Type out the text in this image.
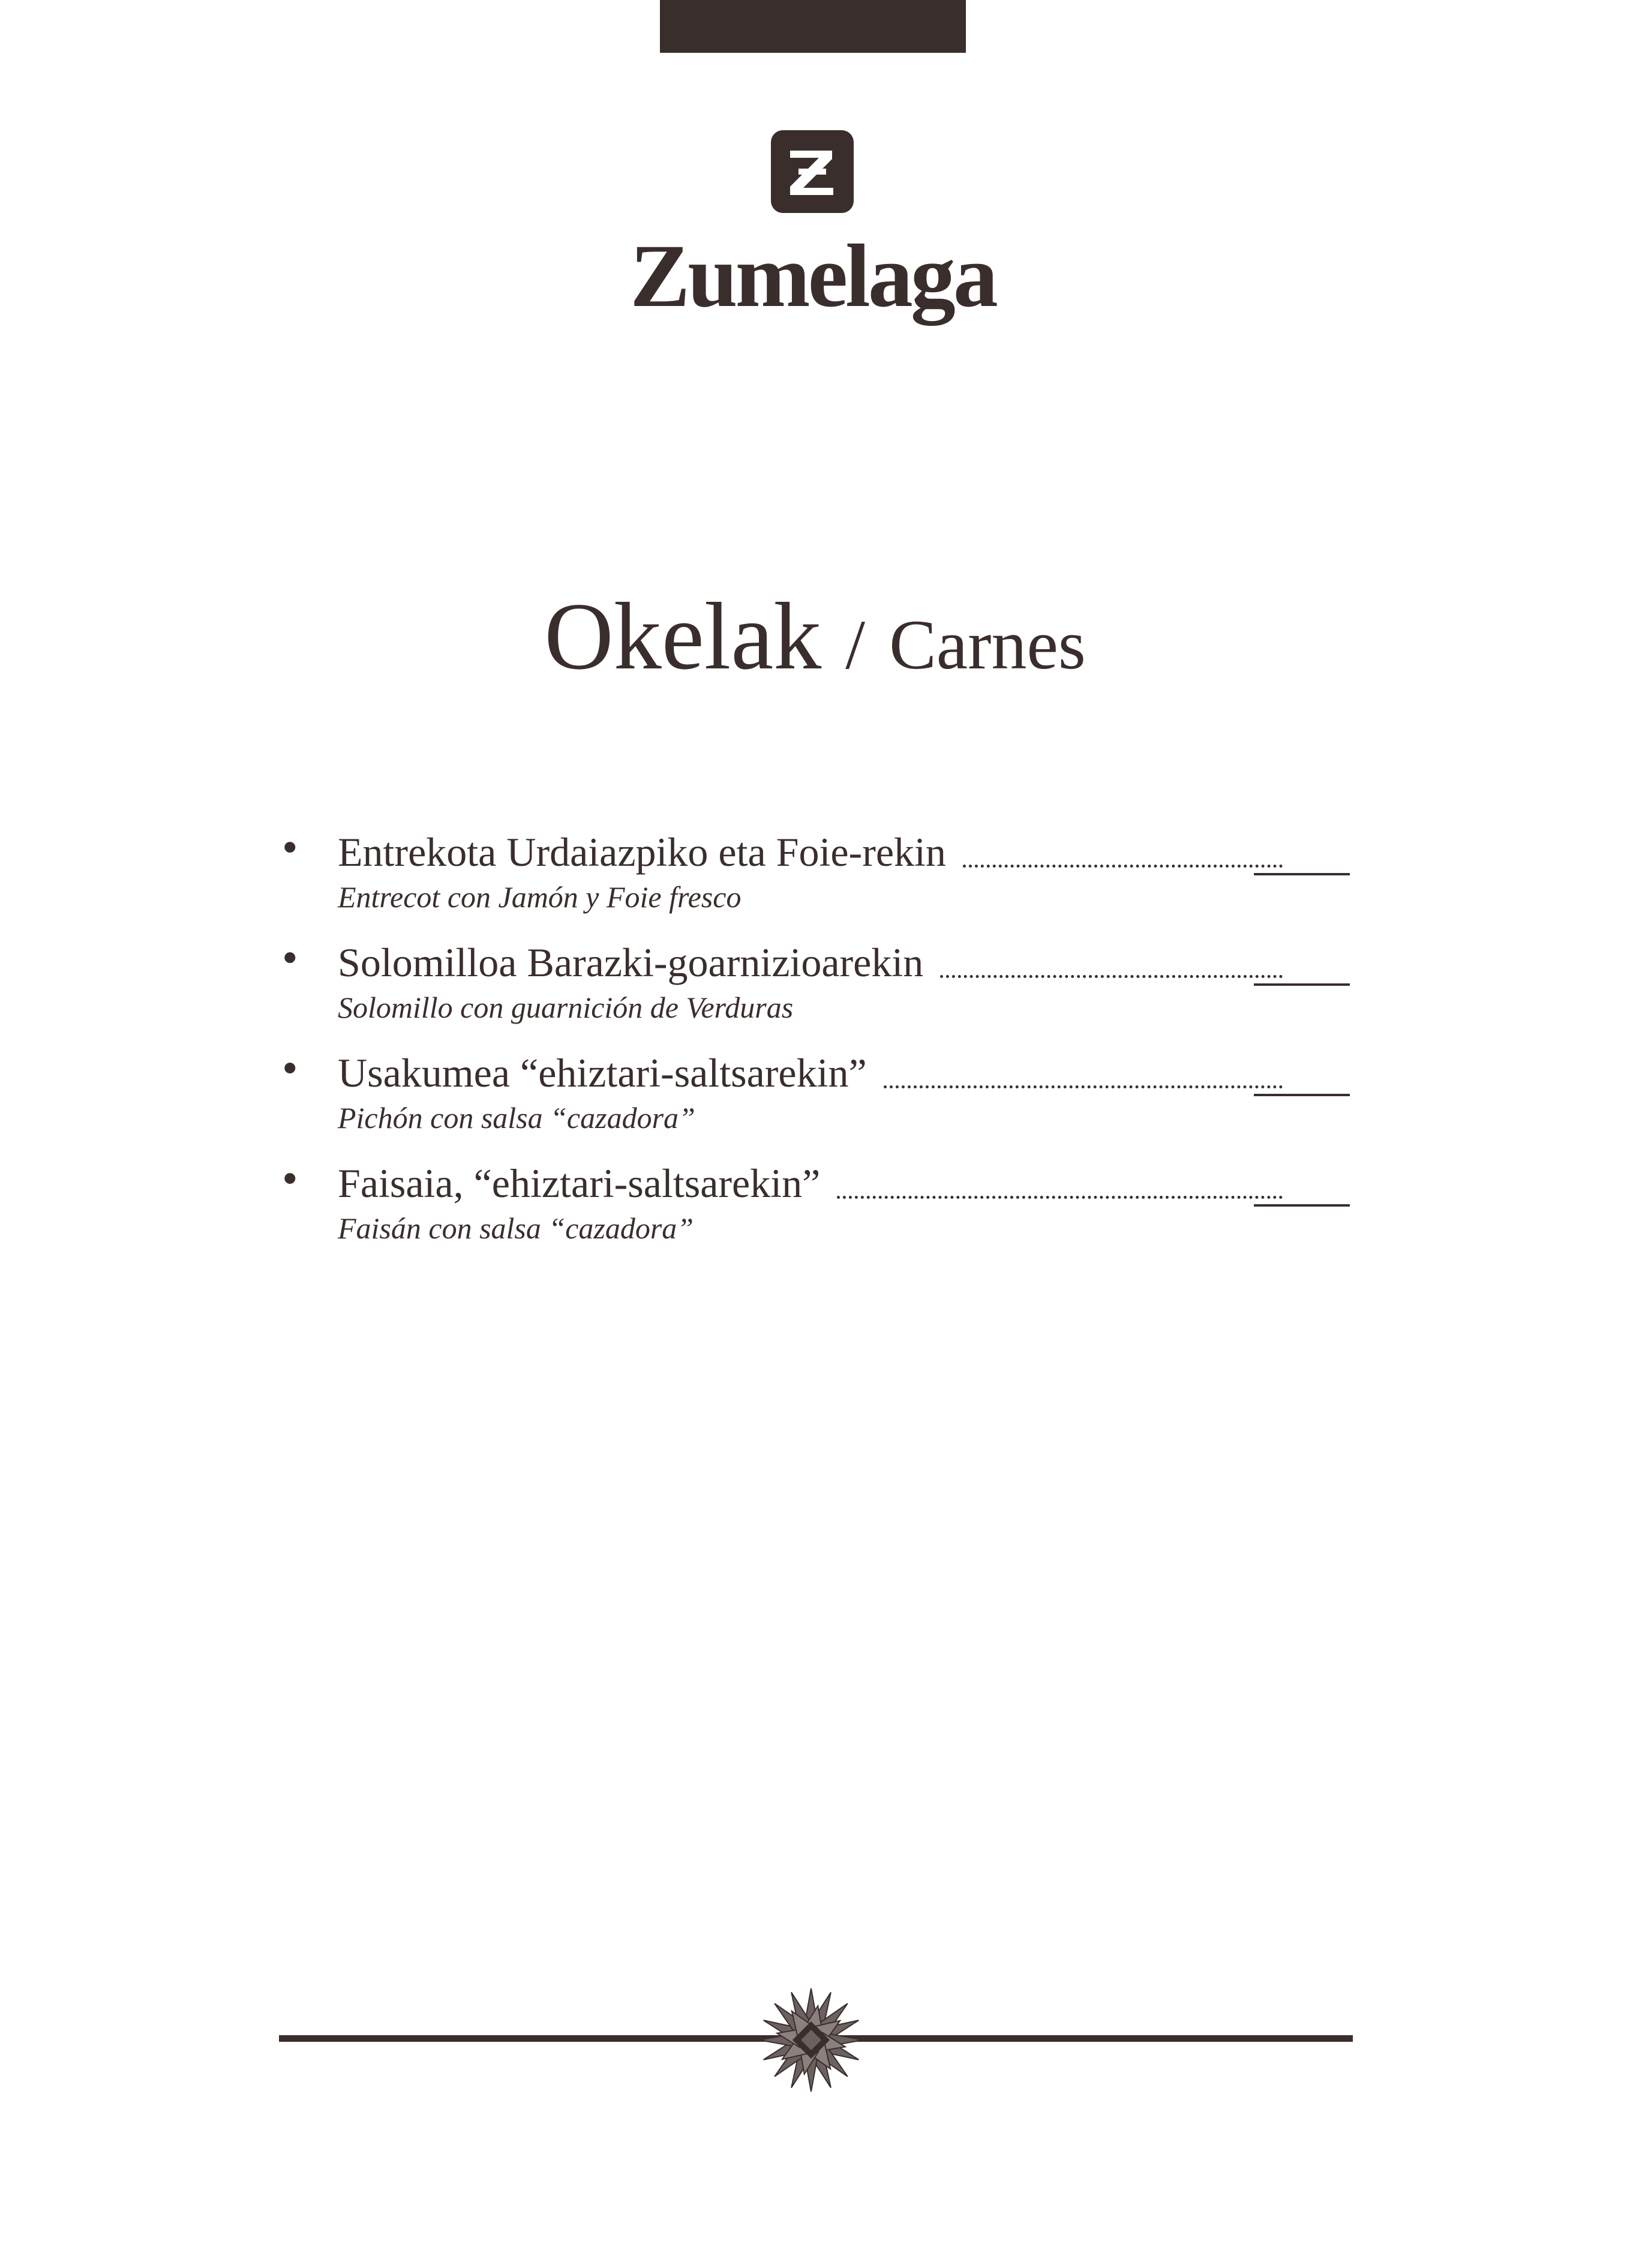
Zumelaga
Okelak / Carnes
• Entrekota Urdaiazpiko eta Foie-rekin
Entrecot con Jamón y Foie fresco
• Solomilloa Barazki-goarnizioarekin
Solomillo con guarnición de Verduras
• Usakumea “ehiztari-saltsarekin”
Pichón con salsa “cazadora”
• Faisaia, “ehiztari-saltsarekin”
Faisán con salsa “cazadora”
